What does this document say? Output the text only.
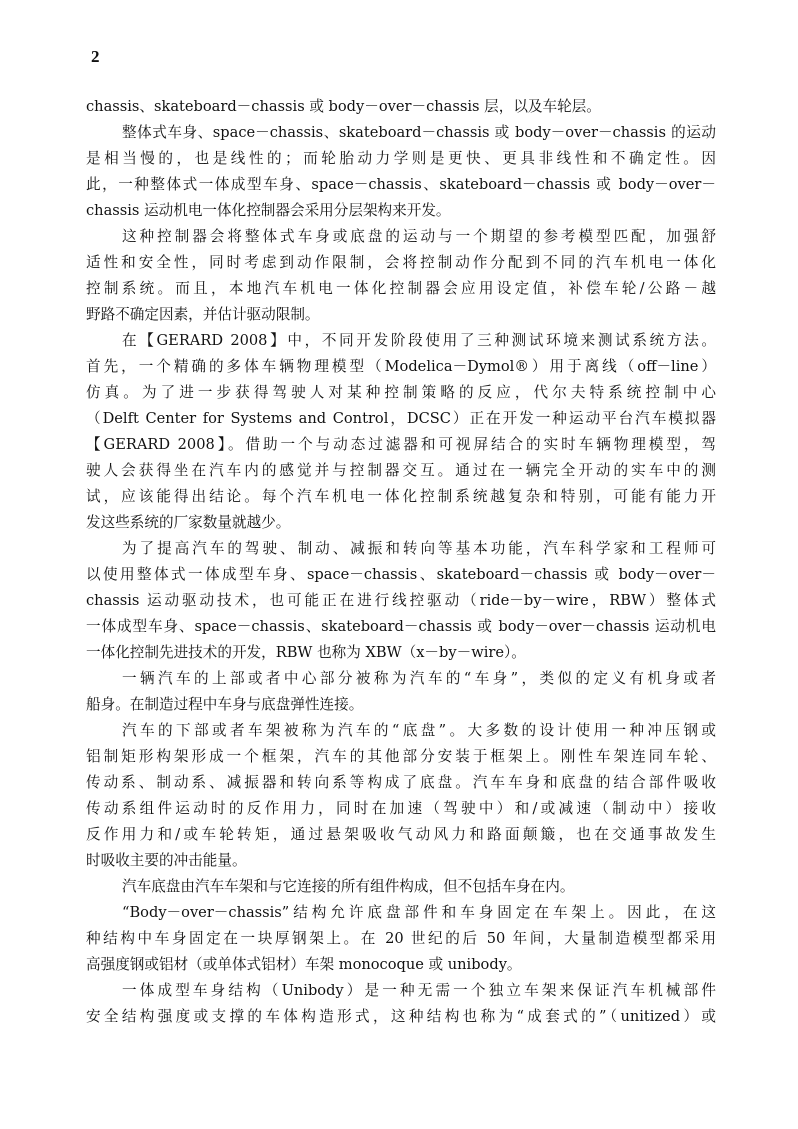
2
chassis、skateboard－chassis 或 body－over－chassis 层，以及车轮层。
整体式车身、space－chassis、skateboard－chassis 或 body－over－chassis 的运动
是相当慢的，也是线性的；而轮胎动力学则是更快、更具非线性和不确定性。因
此，一种整体式一体成型车身、space－chassis、skateboard－chassis 或 body－over－
chassis 运动机电一体化控制器会采用分层架构来开发。
这种控制器会将整体式车身或底盘的运动与一个期望的参考模型匹配，加强舒
适性和安全性，同时考虑到动作限制，会将控制动作分配到不同的汽车机电一体化
控制系统。而且，本地汽车机电一体化控制器会应用设定值，补偿车轮/公路－越
野路不确定因素，并估计驱动限制。
在【GERARD 2008】中，不同开发阶段使用了三种测试环境来测试系统方法。
首先，一个精确的多体车辆物理模型（Modelica－Dymol®）用于离线（off－line）
仿真。为了进一步获得驾驶人对某种控制策略的反应，代尔夫特系统控制中心
（Delft Center for Systems and Control，DCSC）正在开发一种运动平台汽车模拟器
【GERARD 2008】。借助一个与动态过滤器和可视屏结合的实时车辆物理模型，驾
驶人会获得坐在汽车内的感觉并与控制器交互。通过在一辆完全开动的实车中的测
试，应该能得出结论。每个汽车机电一体化控制系统越复杂和特别，可能有能力开
发这些系统的厂家数量就越少。
为了提高汽车的驾驶、制动、减振和转向等基本功能，汽车科学家和工程师可
以使用整体式一体成型车身、space－chassis、skateboard－chassis 或 body－over－
chassis 运动驱动技术，也可能正在进行线控驱动（ride－by－wire，RBW）整体式
一体成型车身、space－chassis、skateboard－chassis 或 body－over－chassis 运动机电
一体化控制先进技术的开发，RBW 也称为 XBW（x－by－wire）。
一辆汽车的上部或者中心部分被称为汽车的“车身”，类似的定义有机身或者
船身。在制造过程中车身与底盘弹性连接。
汽车的下部或者车架被称为汽车的“底盘”。大多数的设计使用一种冲压钢或
铝制矩形构架形成一个框架，汽车的其他部分安装于框架上。刚性车架连同车轮、
传动系、制动系、减振器和转向系等构成了底盘。汽车车身和底盘的结合部件吸收
传动系组件运动时的反作用力，同时在加速（驾驶中）和/或减速（制动中）接收
反作用力和/或车轮转矩，通过悬架吸收气动风力和路面颠簸，也在交通事故发生
时吸收主要的冲击能量。
汽车底盘由汽车车架和与它连接的所有组件构成，但不包括车身在内。
“Body－over－chassis”结构允许底盘部件和车身固定在车架上。因此，在这
种结构中车身固定在一块厚钢架上。在 20 世纪的后 50 年间，大量制造模型都采用
高强度钢或铝材（或单体式铝材）车架 monocoque 或 unibody。
一体成型车身结构（Unibody）是一种无需一个独立车架来保证汽车机械部件
安全结构强度或支撑的车体构造形式，这种结构也称为“成套式的”（unitized）或
